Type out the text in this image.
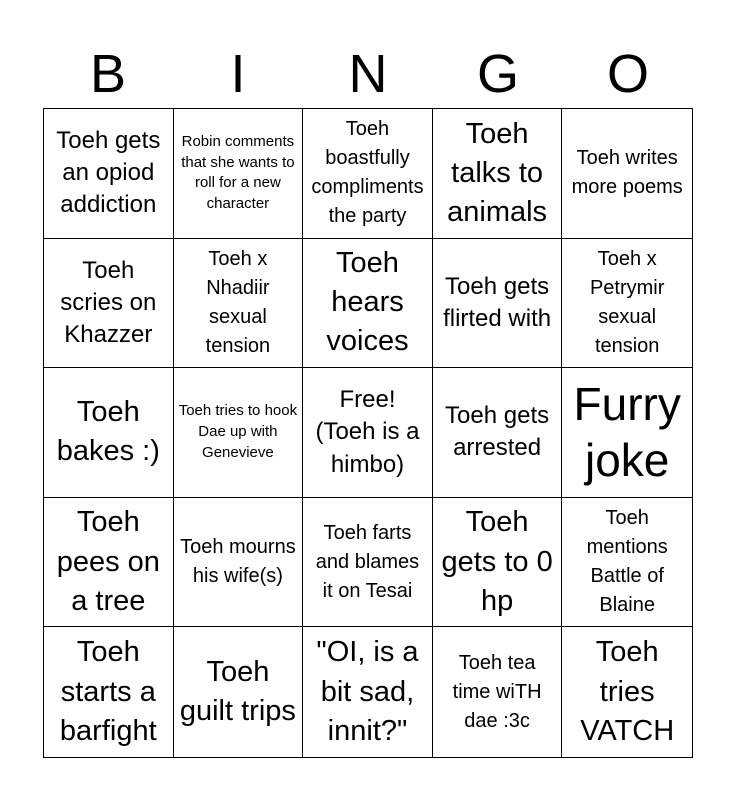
B	I	N	G	O
Toeh gets an opiod addiction
Robin comments that she wants to roll for a new character
Toeh boastfully compliments the party
Toeh talks to animals
Toeh writes more poems
Toeh scries on Khazzer
Toeh x Nhadiir sexual tension
Toeh hears voices
Toeh gets flirted with
Toeh x Petrymir sexual tension
Toeh bakes :)
Toeh tries to hook Dae up with Genevieve
Free! (Toeh is a himbo)
Toeh gets arrested
Furry joke
Toeh pees on a tree
Toeh mourns his wife(s)
Toeh farts and blames it on Tesai
Toeh gets to 0 hp
Toeh mentions Battle of Blaine
Toeh starts a barfight
Toeh guilt trips
"OI, is a bit sad, innit?"
Toeh tea time wiTH dae :3c
Toeh tries VATCH
